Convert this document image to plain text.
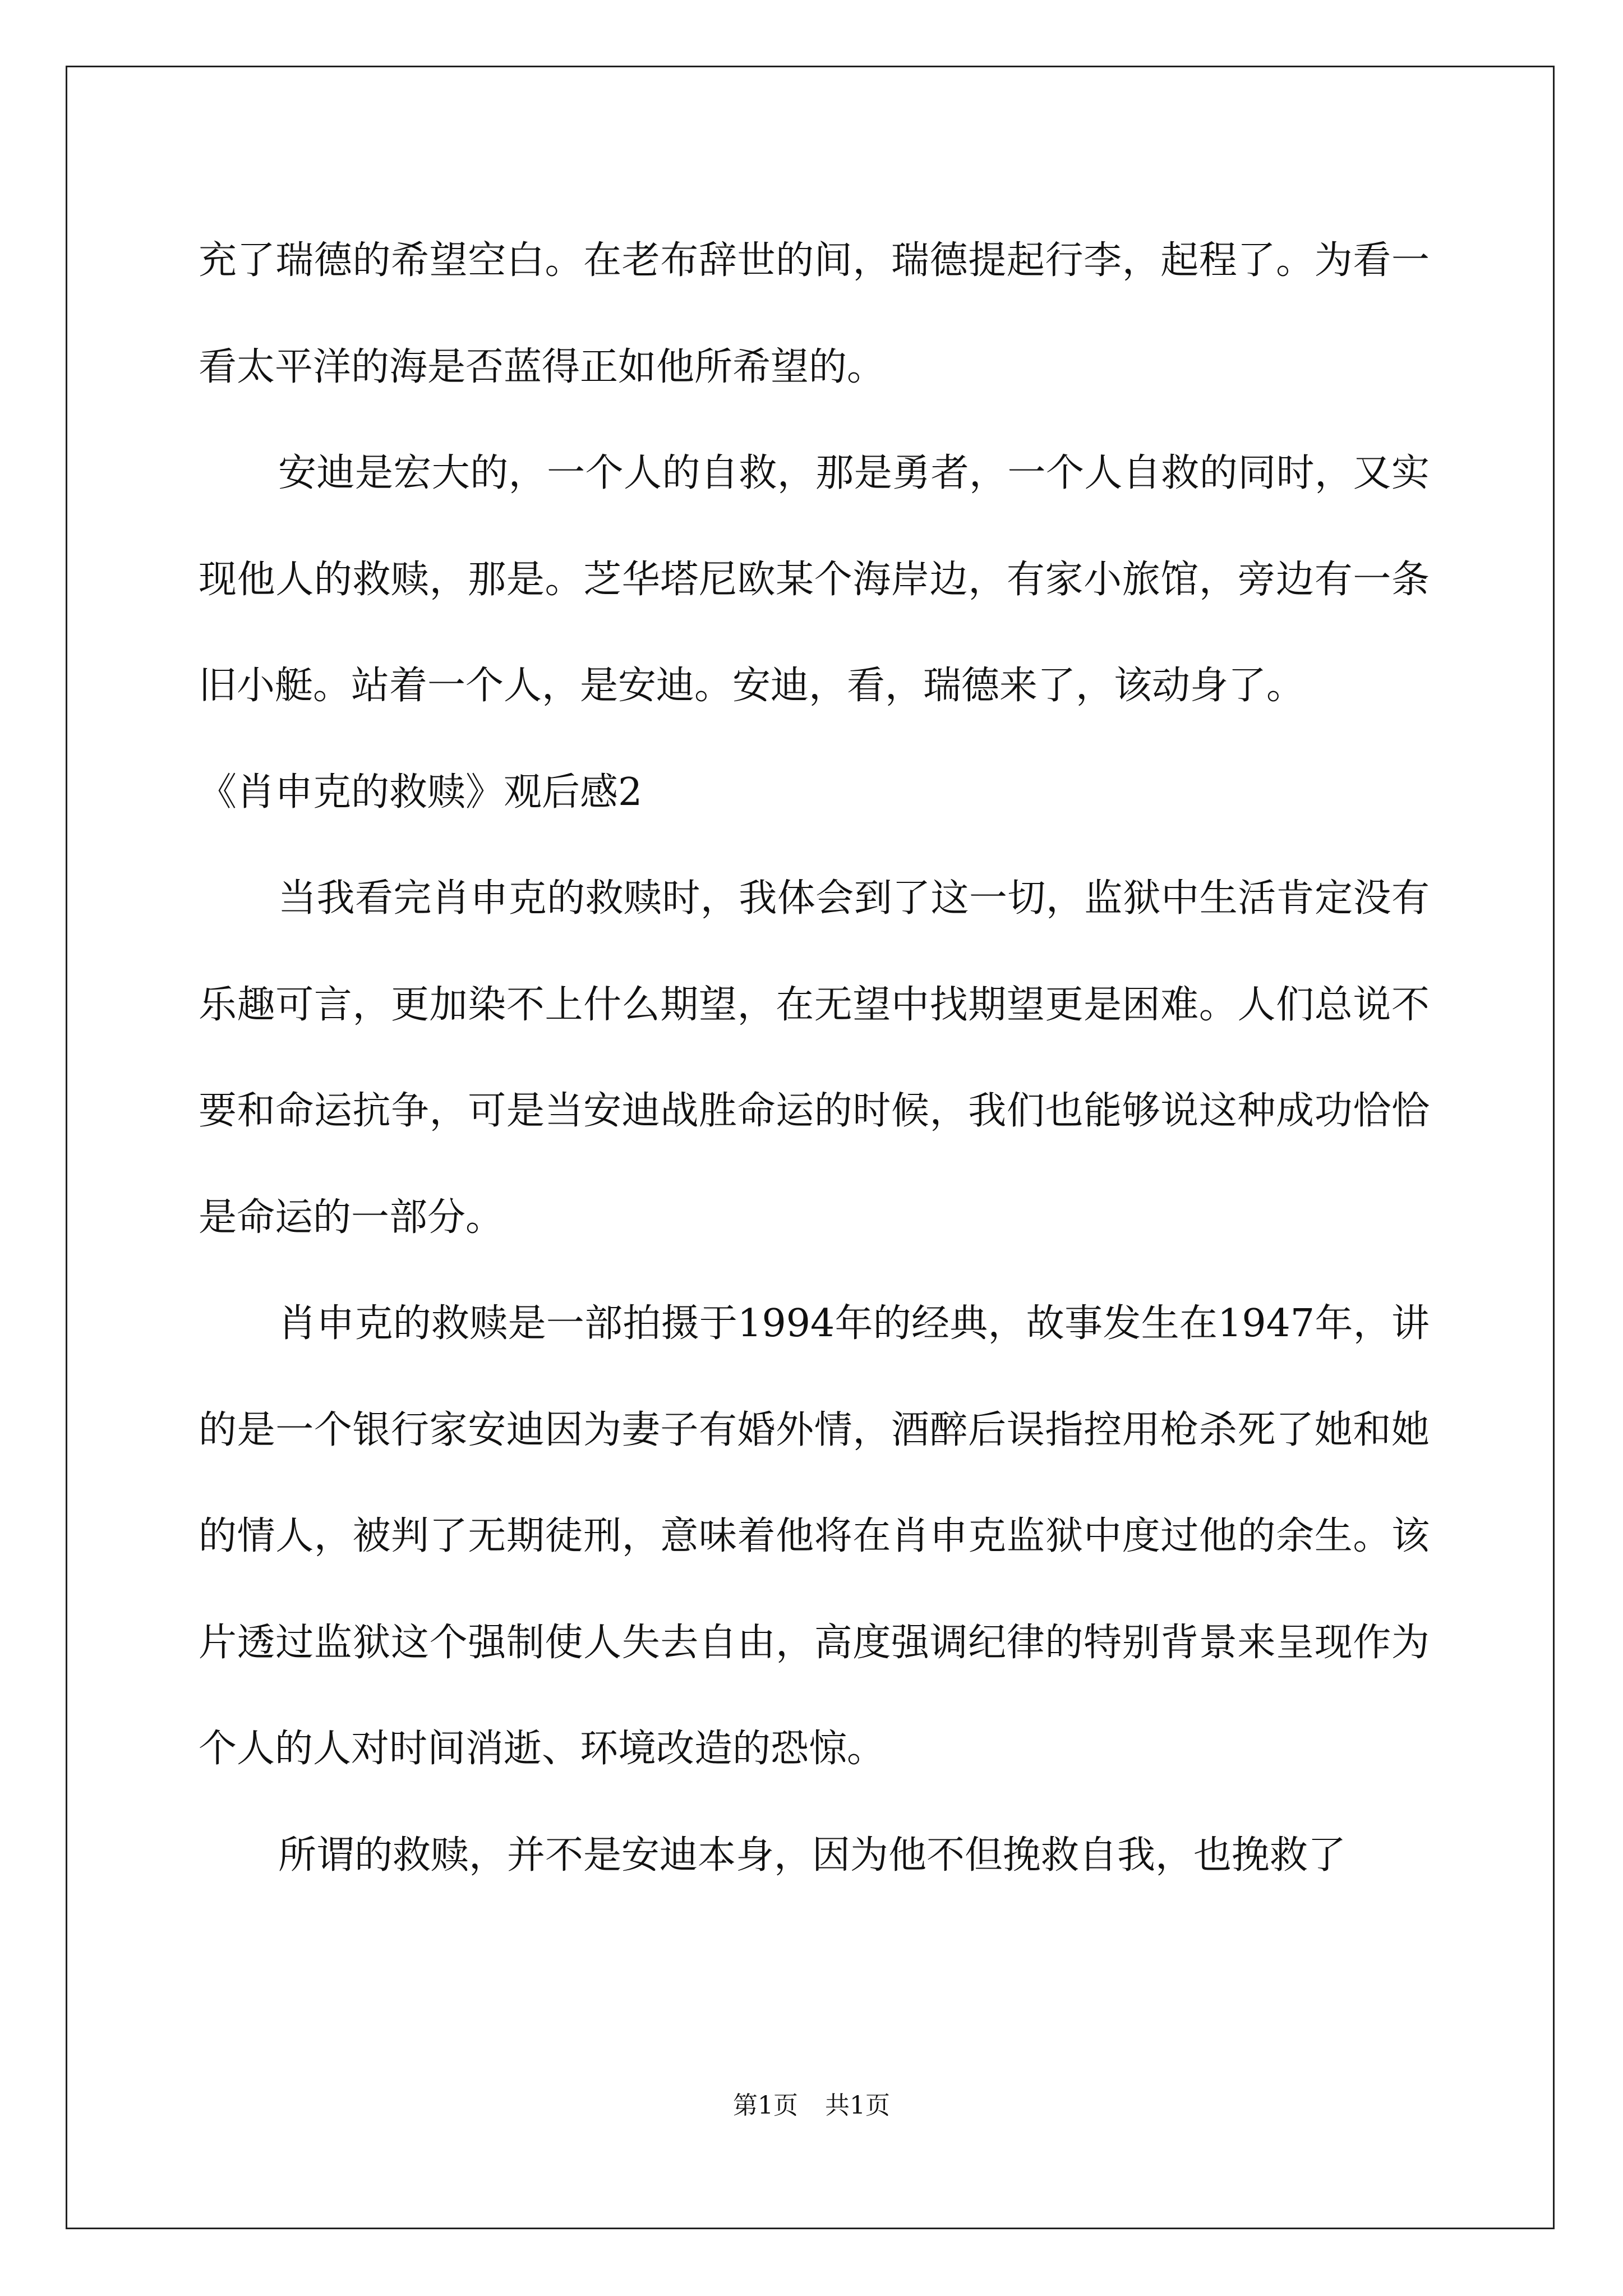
充了瑞德的希望空白。在老布辞世的间，瑞德提起行李，起程了。为看一看太平洋的海是否蓝得正如他所希望的。

安迪是宏大的，一个人的自救，那是勇者，一个人自救的同时，又实现他人的救赎，那是。芝华塔尼欧某个海岸边，有家小旅馆，旁边有一条旧小艇。站着一个人，是安迪。安迪，看，瑞德来了，该动身了。

《肖申克的救赎》观后感2

当我看完肖申克的救赎时，我体会到了这一切，监狱中生活肯定没有乐趣可言，更加染不上什么期望，在无望中找期望更是困难。人们总说不要和命运抗争，可是当安迪战胜命运的时候，我们也能够说这种成功恰恰是命运的一部分。

肖申克的救赎是一部拍摄于1994年的经典，故事发生在1947年，讲的是一个银行家安迪因为妻子有婚外情，酒醉后误指控用枪杀死了她和她的情人，被判了无期徒刑，意味着他将在肖申克监狱中度过他的余生。该片透过监狱这个强制使人失去自由，高度强调纪律的特别背景来呈现作为个人的人对时间消逝、环境改造的恐惊。

所谓的救赎，并不是安迪本身，因为他不但挽救自我，也挽救了

第1页 共1页
